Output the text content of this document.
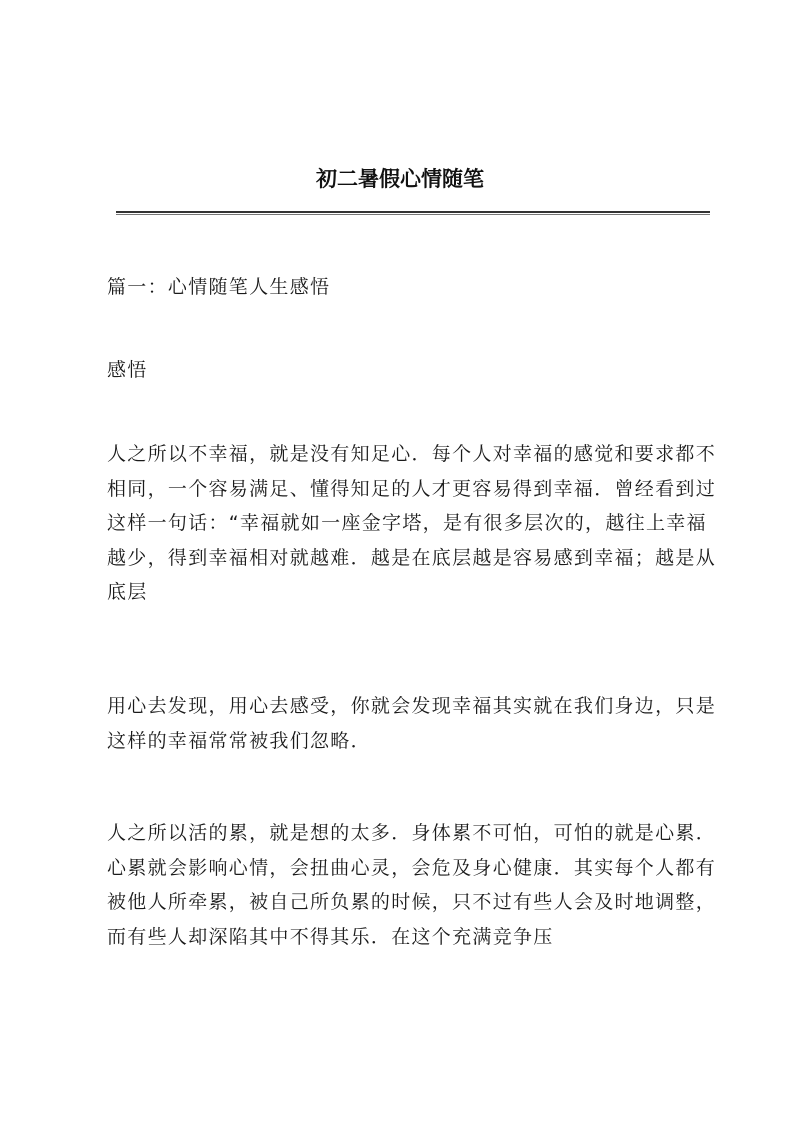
初二暑假心情随笔

篇一：心情随笔人生感悟

感悟

人之所以不幸福，就是没有知足心．每个人对幸福的感觉和要求都不相同，一个容易满足、懂得知足的人才更容易得到幸福．曾经看到过这样一句话：“幸福就如一座金字塔，是有很多层次的，越往上幸福越少，得到幸福相对就越难．越是在底层越是容易感到幸福；越是从底层

用心去发现，用心去感受，你就会发现幸福其实就在我们身边，只是这样的幸福常常被我们忽略．

人之所以活的累，就是想的太多．身体累不可怕，可怕的就是心累．心累就会影响心情，会扭曲心灵，会危及身心健康．其实每个人都有被他人所牵累，被自己所负累的时候，只不过有些人会及时地调整，而有些人却深陷其中不得其乐．在这个充满竞争压
